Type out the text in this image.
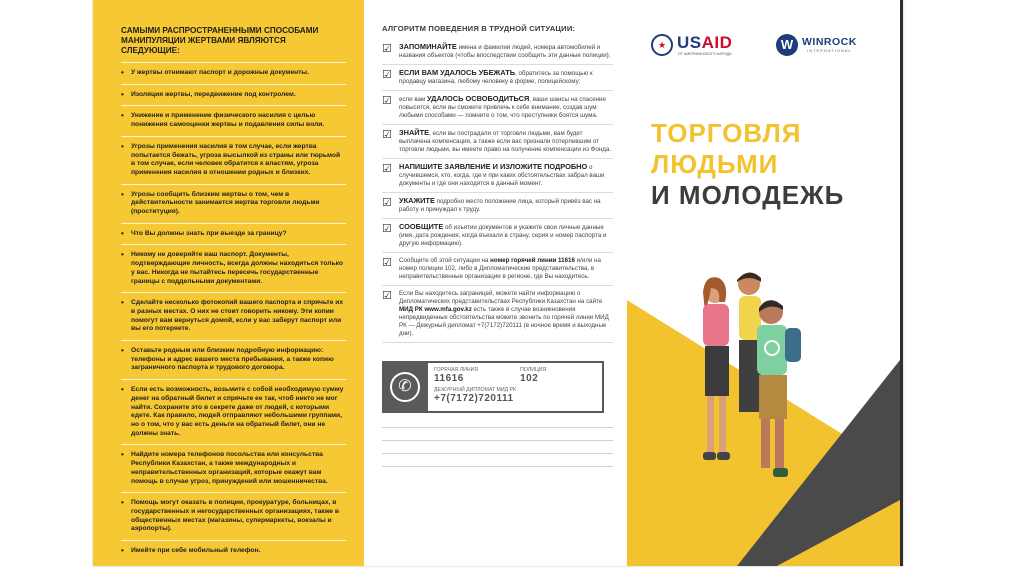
САМЫМИ РАСПРОСТРАНЕННЫМИ СПОСОБАМИ МАНИПУЛЯЦИИ ЖЕРТВАМИ ЯВЛЯЮТСЯ СЛЕДУЮЩИЕ:
• У жертвы отнимают паспорт и дорожные документы.
• Изоляция жертвы, передвижение под контролем.
• Унижение и применение физического насилия с целью понижения самооценки жертвы и подавления силы воли.
• Угрозы применения насилия в том случае, если жертва попытается бежать, угроза высылкой из страны или тюрьмой в том случае, если человек обратится к властям, угроза применения насилия в отношении родных и близких.
• Угрозы сообщить близким жертвы о том, чем в действительности занимается жертва торговли людьми (проституция).
• Что Вы должны знать при выезде за границу?
• Никому не доверяйте ваш паспорт. Документы, подтверждающие личность, всегда должны находиться только у вас. Никогда не пытайтесь пересечь государственные границы с поддельными документами.
• Сделайте несколько фотокопий вашего паспорта и спрячьте их в разных местах. О них не стоит говорить никому. Эти копии помогут вам вернуться домой, если у вас заберут паспорт или вы его потеряете.
• Оставьте родным или близким подробную информацию: телефоны и адрес вашего места пребывания, а также копию заграничного паспорта и трудового договора.
• Если есть возможность, возьмите с собой необходимую сумму денег на обратный билет и спрячьте ее так, чтоб никто не мог найти. Сохраните это в секрете даже от людей, с которыми едете. Как правило, людей отправляют небольшими группами, но о том, что у вас есть деньги на обратный билет, они не должны знать.
• Найдите номера телефонов посольства или консульства Республики Казахстан, а также международных и неправительственных организаций, которые окажут вам помощь в случае угроз, принуждений или мошенничества.
• Помощь могут оказать в полиции, прокуратуре, больницах, в государственных и негосударственных организациях, также в общественных местах (магазины, супермаркеты, вокзалы и аэропорты).
• Имейте при себе мобильный телефон.
АЛГОРИТМ ПОВЕДЕНИЯ В ТРУДНОЙ СИТУАЦИИ:
☑ ЗАПОМИНАЙТЕ имена и фамилии людей, номера автомобилей и названия объектов (чтобы впоследствии сообщить эти данные полиции);
☑ ЕСЛИ ВАМ УДАЛОСЬ УБЕЖАТЬ, обратитесь за помощью к продавцу магазина, любому человеку в форме, полицейскому;
☑ если вам УДАЛОСЬ ОСВОБОДИТЬСЯ, ваши шансы на спасение повысятся, если вы сможете привлечь к себе внимание, создав шум любыми способами — помните о том, что преступники боятся шума.
☑ ЗНАЙТЕ, если вы пострадали от торговли людьми, вам будет выплачена компенсация, а также если вас признали потерпевшим от торговли людьми, вы имеете право на получение компенсации из Фонда.
☑ НАПИШИТЕ ЗАЯВЛЕНИЕ И ИЗЛОЖИТЕ ПОДРОБНО о случившемся, кто, когда, где и при каких обстоятельствах забрал ваши документы и где они находятся в данный момент.
☑ УКАЖИТЕ подробно место положение лица, который привёз вас на работу и принуждал к труду.
☑ СООБЩИТЕ об изъятии документов и укажите свои личные данные (имя, дата рождения, когда въехали в страну, серия и номер паспорта и другую информацию).
☑ Сообщите об этой ситуации на номер горячей линии 11616 и/или на номер полиции 102, либо в Дипломатические представительства, в неправительственные организации в регионе, где Вы находитесь.
☑ Если Вы находитесь заграницей, можете найти информацию о Дипломатических представительствах Республики Казахстан на сайте МИД РК www.mfa.gov.kz есть также в случае возникновения непредвиденных обстоятельства можете звонить по горячей линии МИД РК — Дежурный дипломат +7(7172)720111 (в ночное время и выходные дни).
✆
ГОРЯЧАЯ ЛИНИЯ
11616
ПОЛИЦИЯ
102
ДЕЖУРНЫЙ ДИПЛОМАТ МИД РК
+7(7172)720111
★ USAID
ОТ АМЕРИКАНСКОГО НАРОДА
W WINROCK
INTERNATIONAL
ТОРГОВЛЯ
ЛЮДЬМИ
И МОЛОДЕЖЬ
